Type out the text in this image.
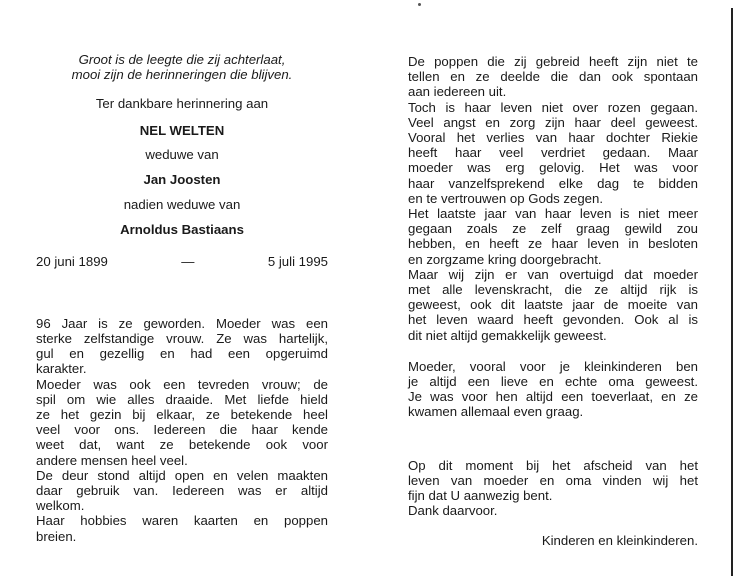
Groot is de leegte die zij achterlaat,
mooi zijn de herinneringen die blijven.
Ter dankbare herinnering aan
NEL WELTEN
weduwe van
Jan Joosten
nadien weduwe van
Arnoldus Bastiaans
20 juni 1899	—	5 juli 1995
96 Jaar is ze geworden. Moeder was een
sterke zelfstandige vrouw. Ze was hartelijk,
gul en gezellig en had een opgeruimd
karakter.
Moeder was ook een tevreden vrouw; de
spil om wie alles draaide. Met liefde hield
ze het gezin bij elkaar, ze betekende heel
veel voor ons. Iedereen die haar kende
weet dat, want ze betekende ook voor
andere mensen heel veel.
De deur stond altijd open en velen maakten
daar gebruik van. Iedereen was er altijd
welkom.
Haar hobbies waren kaarten en poppen
breien.
De poppen die zij gebreid heeft zijn niet te
tellen en ze deelde die dan ook spontaan
aan iedereen uit.
Toch is haar leven niet over rozen gegaan.
Veel angst en zorg zijn haar deel geweest.
Vooral het verlies van haar dochter Riekie
heeft haar veel verdriet gedaan. Maar
moeder was erg gelovig. Het was voor
haar vanzelfsprekend elke dag te bidden
en te vertrouwen op Gods zegen.
Het laatste jaar van haar leven is niet meer
gegaan zoals ze zelf graag gewild zou
hebben, en heeft ze haar leven in besloten
en zorgzame kring doorgebracht.
Maar wij zijn er van overtuigd dat moeder
met alle levenskracht, die ze altijd rijk is
geweest, ook dit laatste jaar de moeite van
het leven waard heeft gevonden. Ook al is
dit niet altijd gemakkelijk geweest.
Moeder, vooral voor je kleinkinderen ben
je altijd een lieve en echte oma geweest.
Je was voor hen altijd een toeverlaat, en ze
kwamen allemaal even graag.
Op dit moment bij het afscheid van het
leven van moeder en oma vinden wij het
fijn dat U aanwezig bent.
Dank daarvoor.
Kinderen en kleinkinderen.
